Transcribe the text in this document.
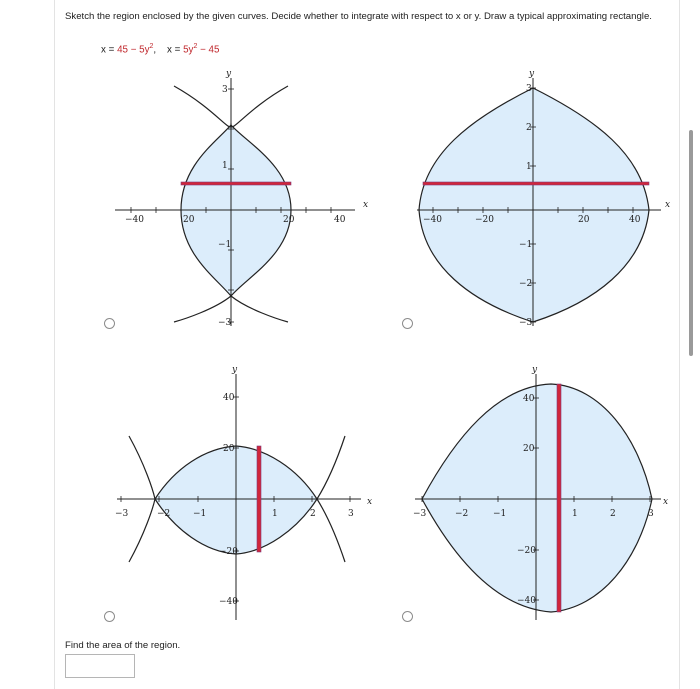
Sketch the region enclosed by the given curves. Decide whether to integrate with respect to x or y. Draw a typical approximating rectangle.
$x = 45 - 5y^2$, $x = 5y^2 - 45$
y
x
−40	20	20	40
3
1
−1
−3
y
x
−40	−20	20	40
3
2
1
−1
−2
−3
y
x
−3	−2	−1	1	2	3
40
20
−20
−40
y
x
−3	−2	−1	1	2	3
40
20
−20
−40
Find the area of the region.
